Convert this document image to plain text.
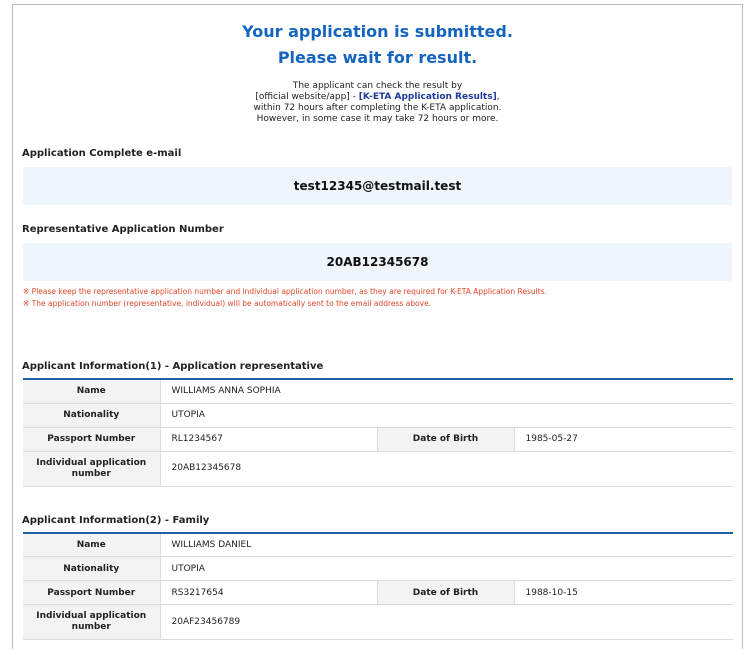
Your application is submitted.
Please wait for result.
The applicant can check the result by
[official website/app] - [K-ETA Application Results],
within 72 hours after completing the K-ETA application.
However, in some case it may take 72 hours or more.
Application Complete e-mail
test12345@testmail.test
Representative Application Number
20AB12345678
※ Please keep the representative application number and individual application number, as they are required for K-ETA Application Results.
※ The application number (representative, individual) will be automatically sent to the email address above.
Applicant Information(1) - Application representative
Name	WILLIAMS ANNA SOPHIA		
Nationality	UTOPIA		
Passport Number	RL1234567	Date of Birth	1985-05-27

Individual application
number	20AB12345678		
Applicant Information(2) - Family
Name	WILLIAMS DANIEL		
Nationality	UTOPIA		
Passport Number	RS3217654	Date of Birth	1988-10-15

Individual application
number	20AF23456789		
